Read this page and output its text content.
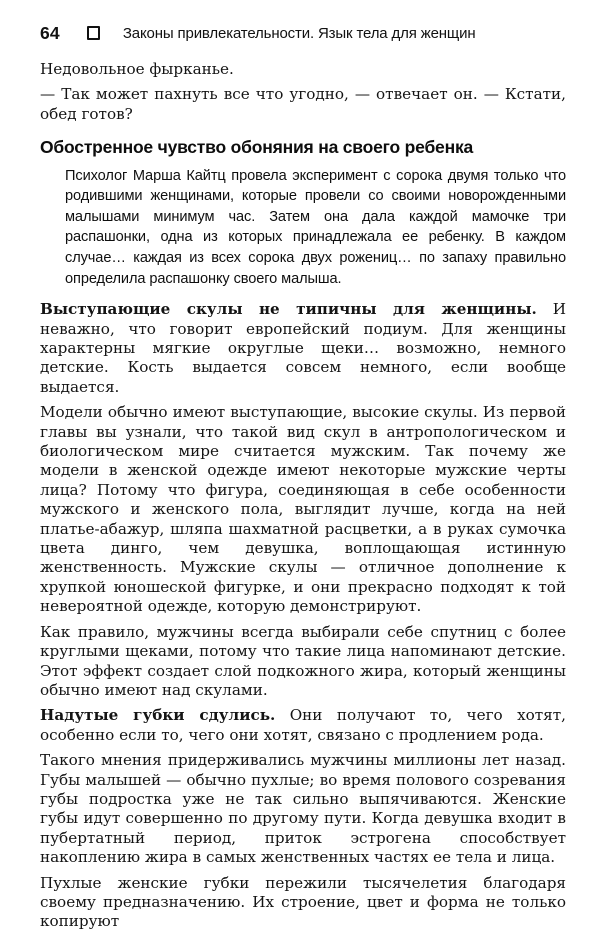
64	Законы привлекательности. Язык тела для женщин

Недовольное фырканье.

— Так может пахнуть все что угодно, — отвечает он. — Кстати, обед готов?

Обостренное чувство обоняния на своего ребенка
Психолог Марша Кайтц провела эксперимент с сорока двумя только что родившими женщинами, которые провели со своими новорожденными малышами минимум час. Затем она дала каждой мамочке три распашонки, одна из которых принадлежала ее ребенку. В каждом случае… каждая из всех сорока двух рожениц… по запаху правильно определила распашонку своего малыша.

Выступающие скулы не типичны для женщины. И неважно, что говорит европейский подиум. Для женщины характерны мягкие округлые щеки… возможно, немного детские. Кость выдается совсем немного, если вообще выдается.

Модели обычно имеют выступающие, высокие скулы. Из первой главы вы узнали, что такой вид скул в антропологическом и биологическом мире считается мужским. Так почему же модели в женской одежде имеют некоторые мужские черты лица? Потому что фигура, соединяющая в себе особенности мужского и женского пола, выглядит лучше, когда на ней платье-абажур, шляпа шахматной расцветки, а в руках сумочка цвета динго, чем девушка, воплощающая истинную женственность. Мужские скулы — отличное дополнение к хрупкой юношеской фигурке, и они прекрасно подходят к той невероятной одежде, которую демонстрируют.

Как правило, мужчины всегда выбирали себе спутниц с более круглыми щеками, потому что такие лица напоминают детские. Этот эффект создает слой подкожного жира, который женщины обычно имеют над скулами.

Надутые губки сдулись. Они получают то, чего хотят, особенно если то, чего они хотят, связано с продлением рода.

Такого мнения придерживались мужчины миллионы лет назад. Губы малышей — обычно пухлые; во время полового созревания губы подростка уже не так сильно выпячиваются. Женские губы идут совершенно по другому пути. Когда девушка входит в пубертатный период, приток эстрогена способствует накоплению жира в самых женственных частях ее тела и лица.

Пухлые женские губки пережили тысячелетия благодаря своему предназначению. Их строение, цвет и форма не только копируют
